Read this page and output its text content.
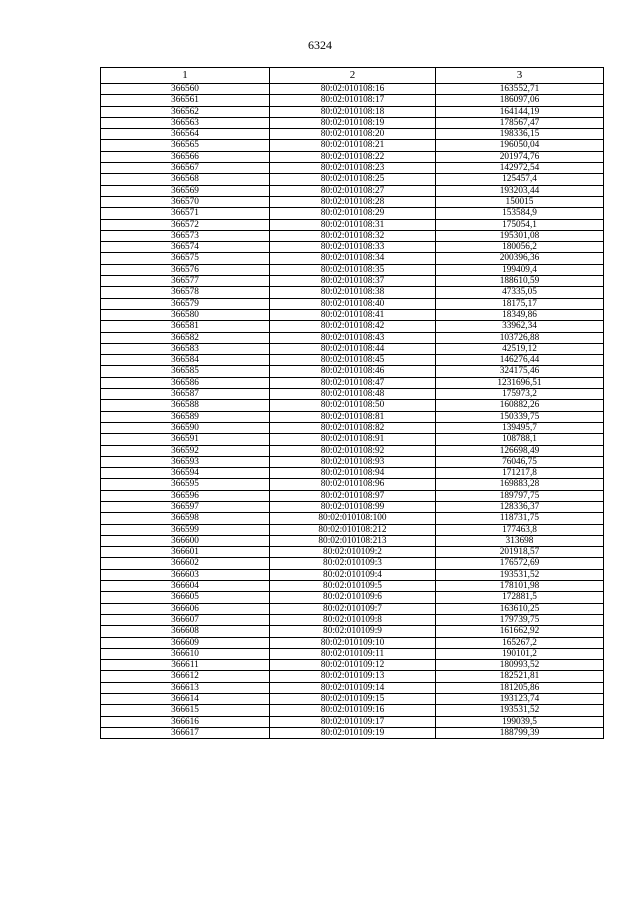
6324
1	2	3
366560	80:02:010108:16	163552,71
366561	80:02:010108:17	186097,06
366562	80:02:010108:18	164144,19
366563	80:02:010108:19	178567,47
366564	80:02:010108:20	198336,15
366565	80:02:010108:21	196050,04
366566	80:02:010108:22	201974,76
366567	80:02:010108:23	142972,54
366568	80:02:010108:25	125457,4
366569	80:02:010108:27	193203,44
366570	80:02:010108:28	150015
366571	80:02:010108:29	153584,9
366572	80:02:010108:31	175054,1
366573	80:02:010108:32	195301,08
366574	80:02:010108:33	180056,2
366575	80:02:010108:34	200396,36
366576	80:02:010108:35	199409,4
366577	80:02:010108:37	188610,59
366578	80:02:010108:38	47335,05
366579	80:02:010108:40	18175,17
366580	80:02:010108:41	18349,86
366581	80:02:010108:42	33962,34
366582	80:02:010108:43	103726,88
366583	80:02:010108:44	42519,12
366584	80:02:010108:45	146276,44
366585	80:02:010108:46	324175,46
366586	80:02:010108:47	1231696,51
366587	80:02:010108:48	175973,2
366588	80:02:010108:50	160882,26
366589	80:02:010108:81	150339,75
366590	80:02:010108:82	139495,7
366591	80:02:010108:91	108788,1
366592	80:02:010108:92	126698,49
366593	80:02:010108:93	76046,75
366594	80:02:010108:94	171217,8
366595	80:02:010108:96	169883,28
366596	80:02:010108:97	189797,75
366597	80:02:010108:99	128336,37
366598	80:02:010108:100	118731,75
366599	80:02:010108:212	177463,8
366600	80:02:010108:213	313698
366601	80:02:010109:2	201918,57
366602	80:02:010109:3	176572,69
366603	80:02:010109:4	193531,52
366604	80:02:010109:5	178101,98
366605	80:02:010109:6	172881,5
366606	80:02:010109:7	163610,25
366607	80:02:010109:8	179739,75
366608	80:02:010109:9	161662,92
366609	80:02:010109:10	165267,2
366610	80:02:010109:11	190101,2
366611	80:02:010109:12	180993,52
366612	80:02:010109:13	182521,81
366613	80:02:010109:14	181205,86
366614	80:02:010109:15	193123,74
366615	80:02:010109:16	193531,52
366616	80:02:010109:17	199039,5
366617	80:02:010109:19	188799,39
